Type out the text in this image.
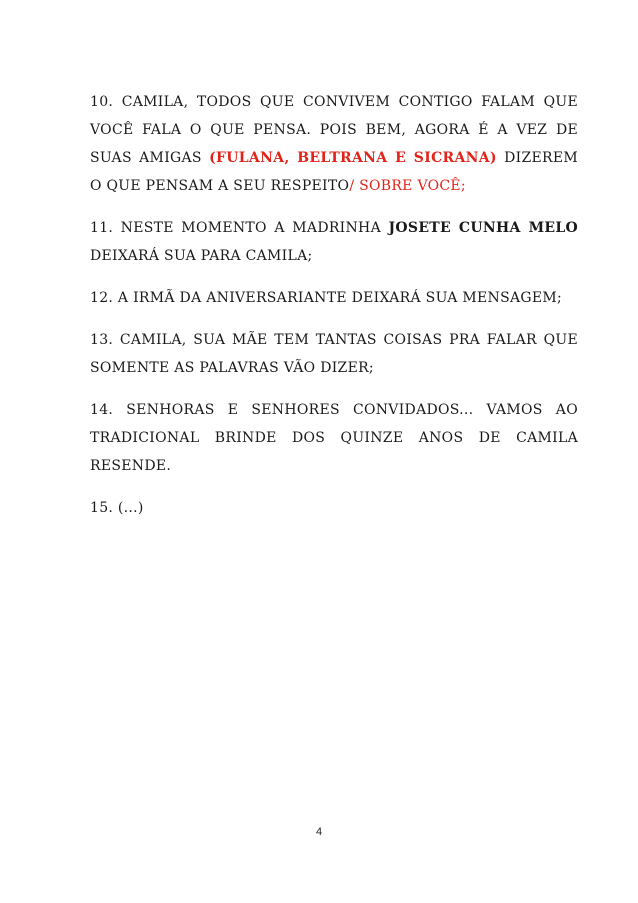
10. CAMILA, TODOS QUE CONVIVEM CONTIGO FALAM QUE VOCÊ FALA O QUE PENSA. POIS BEM, AGORA É A VEZ DE SUAS AMIGAS (FULANA, BELTRANA E SICRANA) DIZEREM O QUE PENSAM A SEU RESPEITO/ SOBRE VOCÊ;

11. NESTE MOMENTO A MADRINHA JOSETE CUNHA MELO DEIXARÁ SUA PARA CAMILA;

12. A IRMÃ DA ANIVERSARIANTE DEIXARÁ SUA MENSAGEM;

13. CAMILA, SUA MÃE TEM TANTAS COISAS PRA FALAR QUE SOMENTE AS PALAVRAS VÃO DIZER;

14. SENHORAS E SENHORES CONVIDADOS... VAMOS AO TRADICIONAL BRINDE DOS QUINZE ANOS DE CAMILA RESENDE.

15. (...)

4
